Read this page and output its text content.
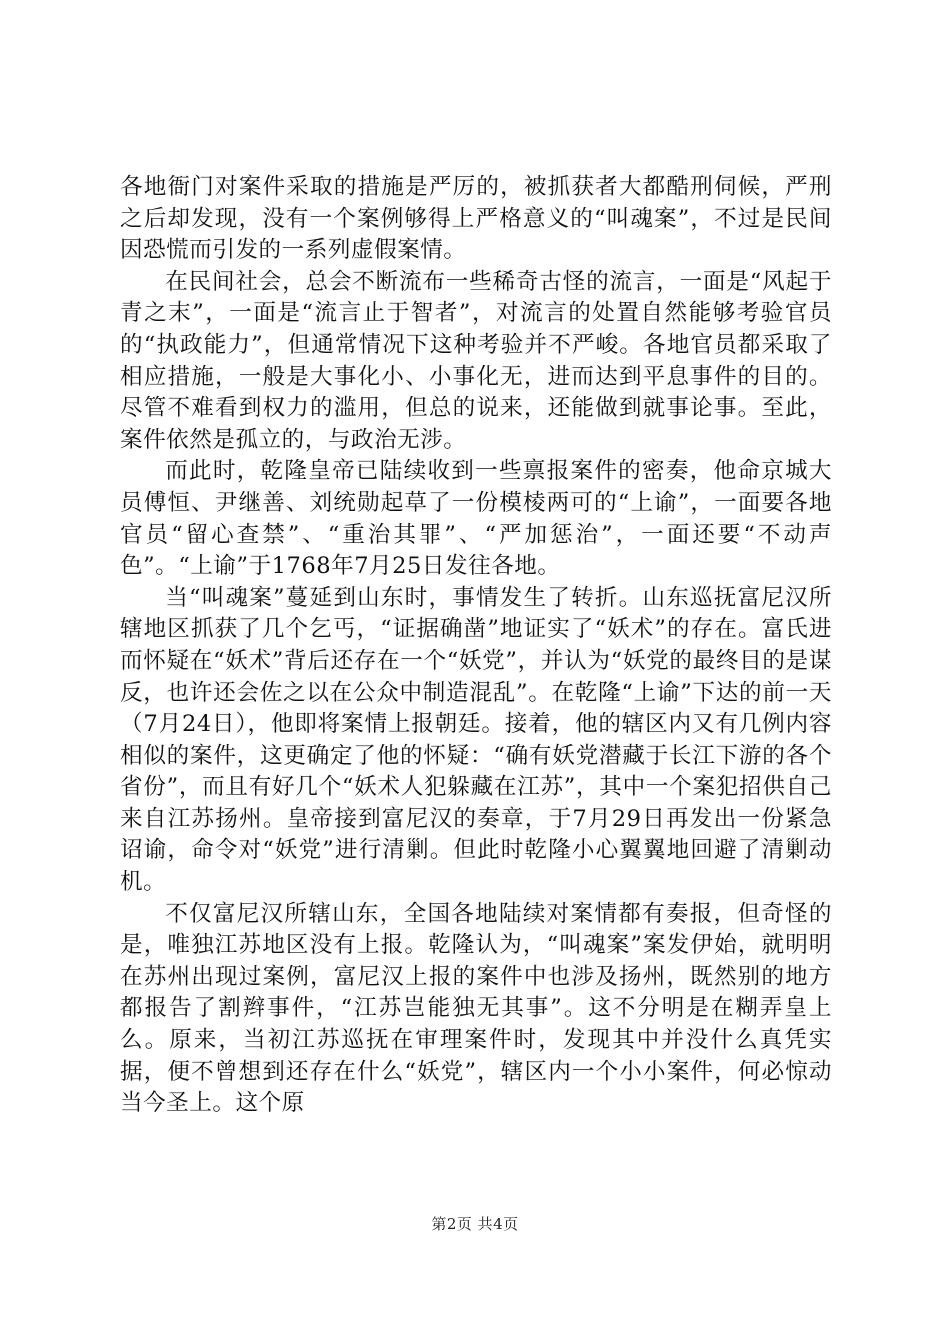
各地衙门对案件采取的措施是严厉的，被抓获者大都酷刑伺候，严刑之后却发现，没有一个案例够得上严格意义的“叫魂案”，不过是民间因恐慌而引发的一系列虚假案情。

在民间社会，总会不断流布一些稀奇古怪的流言，一面是“风起于青之末”，一面是“流言止于智者”，对流言的处置自然能够考验官员的“执政能力”，但通常情况下这种考验并不严峻。各地官员都采取了相应措施，一般是大事化小、小事化无，进而达到平息事件的目的。尽管不难看到权力的滥用，但总的说来，还能做到就事论事。至此，案件依然是孤立的，与政治无涉。

而此时，乾隆皇帝已陆续收到一些禀报案件的密奏，他命京城大员傅恒、尹继善、刘统勋起草了一份模棱两可的“上谕”，一面要各地官员“留心查禁”、“重治其罪”、“严加惩治”，一面还要“不动声色”。“上谕”于1768年7月25日发往各地。

当“叫魂案”蔓延到山东时，事情发生了转折。山东巡抚富尼汉所辖地区抓获了几个乞丐，“证据确凿”地证实了“妖术”的存在。富氏进而怀疑在“妖术”背后还存在一个“妖党”，并认为“妖党的最终目的是谋反，也许还会佐之以在公众中制造混乱”。在乾隆“上谕”下达的前一天（7月24日），他即将案情上报朝廷。接着，他的辖区内又有几例内容相似的案件，这更确定了他的怀疑：“确有妖党潜藏于长江下游的各个省份”，而且有好几个“妖术人犯躲藏在江苏”，其中一个案犯招供自己来自江苏扬州。皇帝接到富尼汉的奏章，于7月29日再发出一份紧急诏谕，命令对“妖党”进行清剿。但此时乾隆小心翼翼地回避了清剿动机。

不仅富尼汉所辖山东，全国各地陆续对案情都有奏报，但奇怪的是，唯独江苏地区没有上报。乾隆认为，“叫魂案”案发伊始，就明明在苏州出现过案例，富尼汉上报的案件中也涉及扬州，既然别的地方都报告了割辫事件，“江苏岂能独无其事”。这不分明是在糊弄皇上么。原来，当初江苏巡抚在审理案件时，发现其中并没什么真凭实据，便不曾想到还存在什么“妖党”，辖区内一个小小案件，何必惊动当今圣上。这个原

第2页 共4页
